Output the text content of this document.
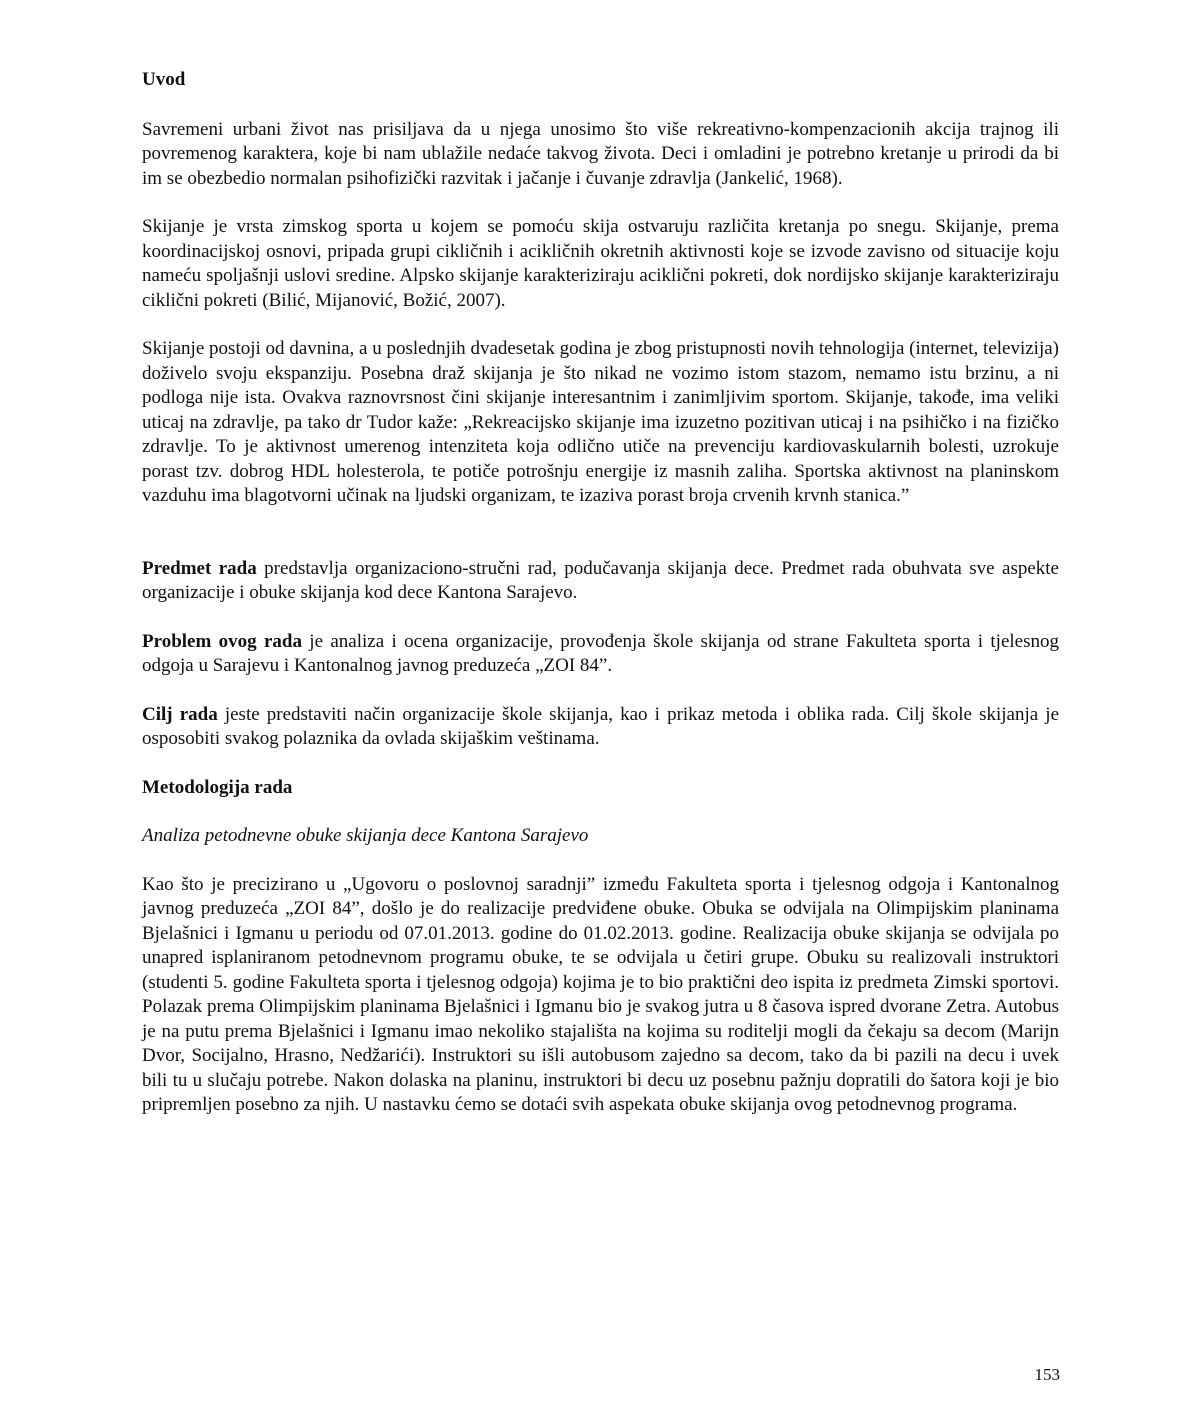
Uvod

Savremeni urbani život nas prisiljava da u njega unosimo što više rekreativno-kompenzacionih akcija trajnog ili povremenog karaktera, koje bi nam ublažile nedaće takvog života. Deci i omladini je potrebno kretanje u prirodi da bi im se obezbedio normalan psihofizički razvitak i jačanje i čuvanje zdravlja (Jankelić, 1968).

Skijanje je vrsta zimskog sporta u kojem se pomoću skija ostvaruju različita kretanja po snegu. Skijanje, prema koordinacijskoj osnovi, pripada grupi cikličnih i acikličnih okretnih aktivnosti koje se izvode zavisno od situacije koju nameću spoljašnji uslovi sredine. Alpsko skijanje karakteriziraju aciklični pokreti, dok nordijsko skijanje karakteriziraju ciklični pokreti (Bilić, Mijanović, Božić, 2007).

Skijanje postoji od davnina, a u poslednjih dvadesetak godina je zbog pristupnosti novih tehnologija (internet, televizija) doživelo svoju ekspanziju. Posebna draž skijanja je što nikad ne vozimo istom stazom, nemamo istu brzinu, a ni podloga nije ista. Ovakva raznovrsnost čini skijanje interesantnim i zanimljivim sportom. Skijanje, takođe, ima veliki uticaj na zdravlje, pa tako dr Tudor kaže: „Rekreacijsko skijanje ima izuzetno pozitivan uticaj i na psihičko i na fizičko zdravlje. To je aktivnost umerenog intenziteta koja odlično utiče na prevenciju kardiovaskularnih bolesti, uzrokuje porast tzv. dobrog HDL holesterola, te potiče potrošnju energije iz masnih zaliha. Sportska aktivnost na planinskom vazduhu ima blagotvorni učinak na ljudski organizam, te izaziva porast broja crvenih krvnh stanica.”

Predmet rada predstavlja organizaciono-stručni rad, podučavanja skijanja dece. Predmet rada obuhvata sve aspekte organizacije i obuke skijanja kod dece Kantona Sarajevo.

Problem ovog rada je analiza i ocena organizacije, provođenja škole skijanja od strane Fakulteta sporta i tjelesnog odgoja u Sarajevu i Kantonalnog javnog preduzeća „ZOI 84”.

Cilj rada jeste predstaviti način organizacije škole skijanja, kao i prikaz metoda i oblika rada. Cilj škole skijanja je osposobiti svakog polaznika da ovlada skijaškim veštinama.

Metodologija rada

Analiza petodnevne obuke skijanja dece Kantona Sarajevo

Kao što je precizirano u „Ugovoru o poslovnoj saradnji” između Fakulteta sporta i tjelesnog odgoja i Kantonalnog javnog preduzeća „ZOI 84”, došlo je do realizacije predviđene obuke. Obuka se odvijala na Olimpijskim planinama Bjelašnici i Igmanu u periodu od 07.01.2013. godine do 01.02.2013. godine. Realizacija obuke skijanja se odvijala po unapred isplaniranom petodnevnom programu obuke, te se odvijala u četiri grupe. Obuku su realizovali instruktori (studenti 5. godine Fakulteta sporta i tjelesnog odgoja) kojima je to bio praktični deo ispita iz predmeta Zimski sportovi. Polazak prema Olimpijskim planinama Bjelašnici i Igmanu bio je svakog jutra u 8 časova ispred dvorane Zetra. Autobus je na putu prema Bjelašnici i Igmanu imao nekoliko stajališta na kojima su roditelji mogli da čekaju sa decom (Marijn Dvor, Socijalno, Hrasno, Nedžarići). Instruktori su išli autobusom zajedno sa decom, tako da bi pazili na decu i uvek bili tu u slučaju potrebe. Nakon dolaska na planinu, instruktori bi decu uz posebnu pažnju dopratili do šatora koji je bio pripremljen posebno za njih. U nastavku ćemo se dotaći svih aspekata obuke skijanja ovog petodnevnog programa.

153
